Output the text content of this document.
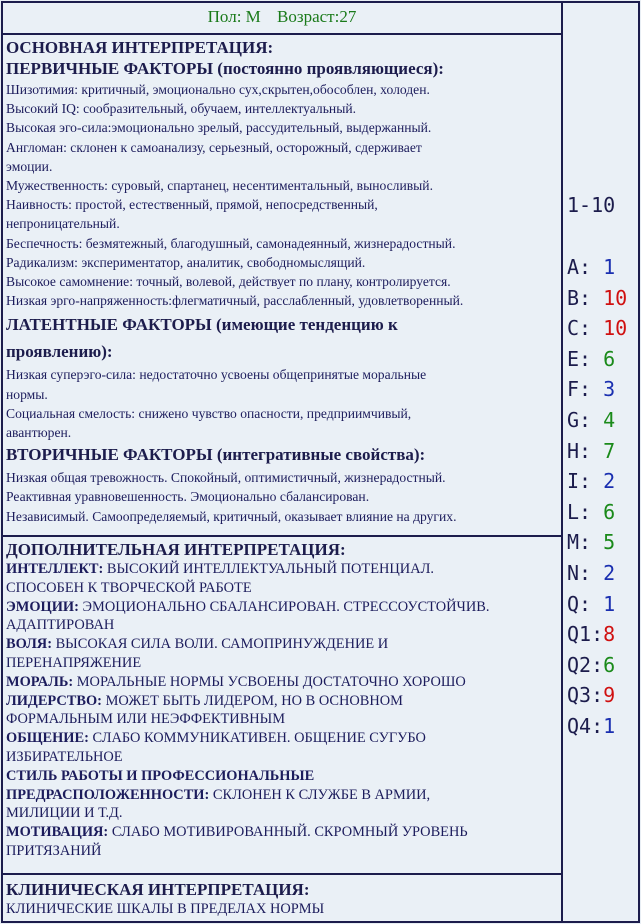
Пол: М Возраст:27
ОСНОВНАЯ ИНТЕРПРЕТАЦИЯ:
ПЕРВИЧНЫЕ ФАКТОРЫ (постоянно проявляющиеся):
Шизотимия: критичный, эмоционально сух,скрытен,обособлен, холоден.
Высокий IQ: сообразительный, обучаем, интеллектуальный.
Высокая эго-сила:эмоционально зрелый, рассудительный, выдержанный.
Англоман: склонен к самоанализу, серьезный, осторожный, сдерживает
эмоции.
Мужественность: суровый, спартанец, несентиментальный, выносливый.
Наивность: простой, естественный, прямой, непосредственный,
непроницательный.
Беспечность: безмятежный, благодушный, самонадеянный, жизнерадостный.
Радикализм: экспериментатор, аналитик, свободномыслящий.
Высокое самомнение: точный, волевой, действует по плану, контролируется.
Низкая эрго-напряженность:флегматичный, расслабленный, удовлетворенный.
ЛАТЕНТНЫЕ ФАКТОРЫ (имеющие тенденцию к
проявлению):
Низкая суперэго-сила: недостаточно усвоены общепринятые моральные
нормы.
Социальная смелость: снижено чувство опасности, предприимчивый,
авантюрен.
ВТОРИЧНЫЕ ФАКТОРЫ (интегративные свойства):
Низкая общая тревожность. Спокойный, оптимистичный, жизнерадостный.
Реактивная уравновешенность. Эмоционально сбалансирован.
Независимый. Самоопределяемый, критичный, оказывает влияние на других.
ДОПОЛНИТЕЛЬНАЯ ИНТЕРПРЕТАЦИЯ:
ИНТЕЛЛЕКТ: ВЫСОКИЙ ИНТЕЛЛЕКТУАЛЬНЫЙ ПОТЕНЦИАЛ.
СПОСОБЕН К ТВОРЧЕСКОЙ РАБОТЕ
ЭМОЦИИ: ЭМОЦИОНАЛЬНО СБАЛАНСИРОВАН. СТРЕССОУСТОЙЧИВ.
АДАПТИРОВАН
ВОЛЯ: ВЫСОКАЯ СИЛА ВОЛИ. САМОПРИНУЖДЕНИЕ И
ПЕРЕНАПРЯЖЕНИЕ
МОРАЛЬ: МОРАЛЬНЫЕ НОРМЫ УСВОЕНЫ ДОСТАТОЧНО ХОРОШО
ЛИДЕРСТВО: МОЖЕТ БЫТЬ ЛИДЕРОМ, НО В ОСНОВНОМ
ФОРМАЛЬНЫМ ИЛИ НЕЭФФЕКТИВНЫМ
ОБЩЕНИЕ: СЛАБО КОММУНИКАТИВЕН. ОБЩЕНИЕ СУГУБО
ИЗБИРАТЕЛЬНОЕ
СТИЛЬ РАБОТЫ И ПРОФЕССИОНАЛЬНЫЕ
ПРЕДРАСПОЛОЖЕННОСТИ: СКЛОНЕН К СЛУЖБЕ В АРМИИ,
МИЛИЦИИ И Т.Д.
МОТИВАЦИЯ: СЛАБО МОТИВИРОВАННЫЙ. СКРОМНЫЙ УРОВЕНЬ
ПРИТЯЗАНИЙ
КЛИНИЧЕСКАЯ ИНТЕРПРЕТАЦИЯ:
КЛИНИЧЕСКИЕ ШКАЛЫ В ПРЕДЕЛАХ НОРМЫ
1-10
A: 1
B: 10
C: 10
E: 6
F: 3
G: 4
H: 7
I: 2
L: 6
M: 5
N: 2
Q: 1
Q1:8
Q2:6
Q3:9
Q4:1
